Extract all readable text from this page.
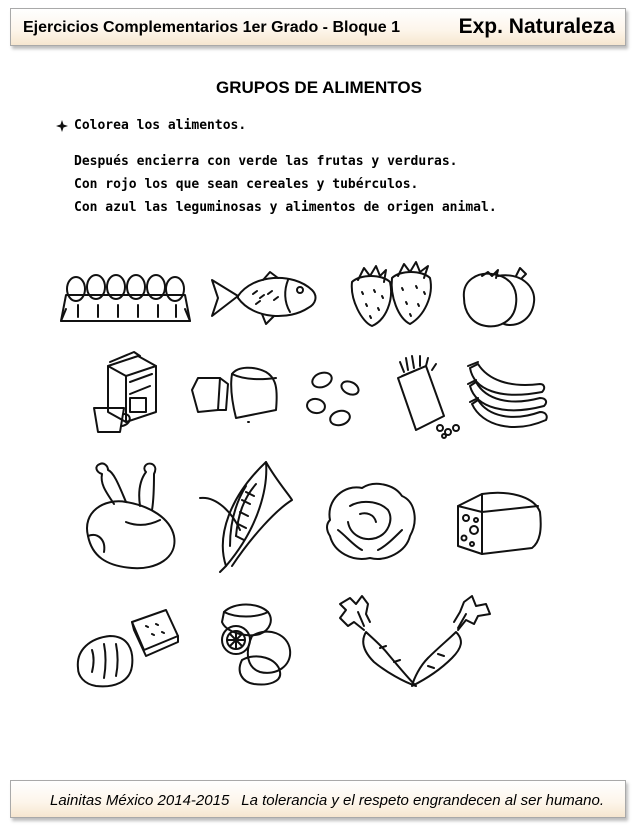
Ejercicios Complementarios 1er Grado - Bloque 1	Exp. Naturaleza
GRUPOS DE ALIMENTOS
Colorea los alimentos.
Después encierra con verde las frutas y verduras.
Con rojo los que sean cereales y tubérculos.
Con azul las leguminosas y alimentos de origen animal.
Lainitas México 2014-2015 La tolerancia y el respeto engrandecen al ser humano.
